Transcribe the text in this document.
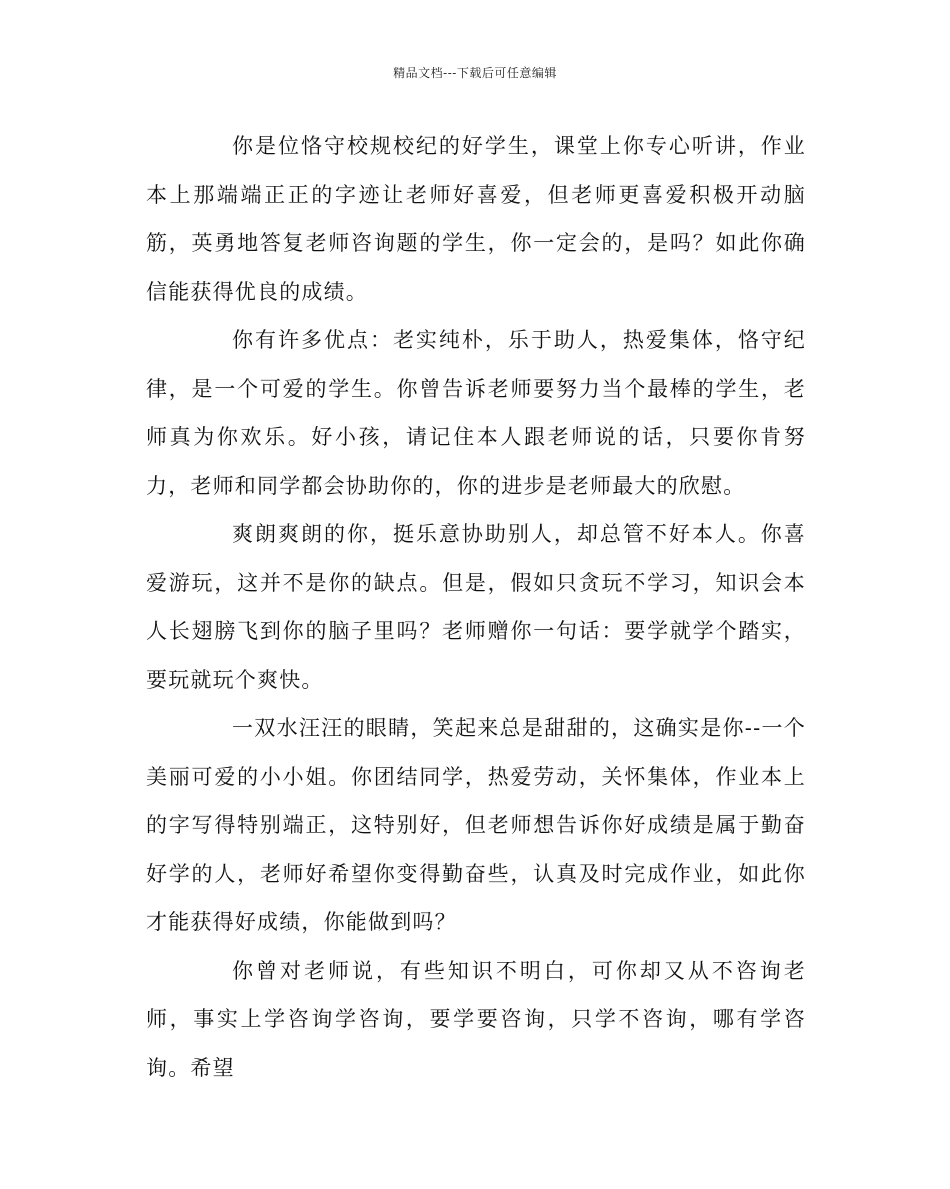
精品文档---下载后可任意编辑

你是位恪守校规校纪的好学生，课堂上你专心听讲，作业本上那端端正正的字迹让老师好喜爱，但老师更喜爱积极开动脑筋，英勇地答复老师咨询题的学生，你一定会的，是吗？如此你确信能获得优良的成绩。

你有许多优点：老实纯朴，乐于助人，热爱集体，恪守纪律，是一个可爱的学生。你曾告诉老师要努力当个最棒的学生，老师真为你欢乐。好小孩，请记住本人跟老师说的话，只要你肯努力，老师和同学都会协助你的，你的进步是老师最大的欣慰。

爽朗爽朗的你，挺乐意协助别人，却总管不好本人。你喜爱游玩，这并不是你的缺点。但是，假如只贪玩不学习，知识会本人长翅膀飞到你的脑子里吗？老师赠你一句话：要学就学个踏实，要玩就玩个爽快。

一双水汪汪的眼睛，笑起来总是甜甜的，这确实是你--一个美丽可爱的小小姐。你团结同学，热爱劳动，关怀集体，作业本上的字写得特别端正，这特别好，但老师想告诉你好成绩是属于勤奋好学的人，老师好希望你变得勤奋些，认真及时完成作业，如此你才能获得好成绩，你能做到吗？

你曾对老师说，有些知识不明白，可你却又从不咨询老师，事实上学咨询学咨询，要学要咨询，只学不咨询，哪有学咨询。希望
